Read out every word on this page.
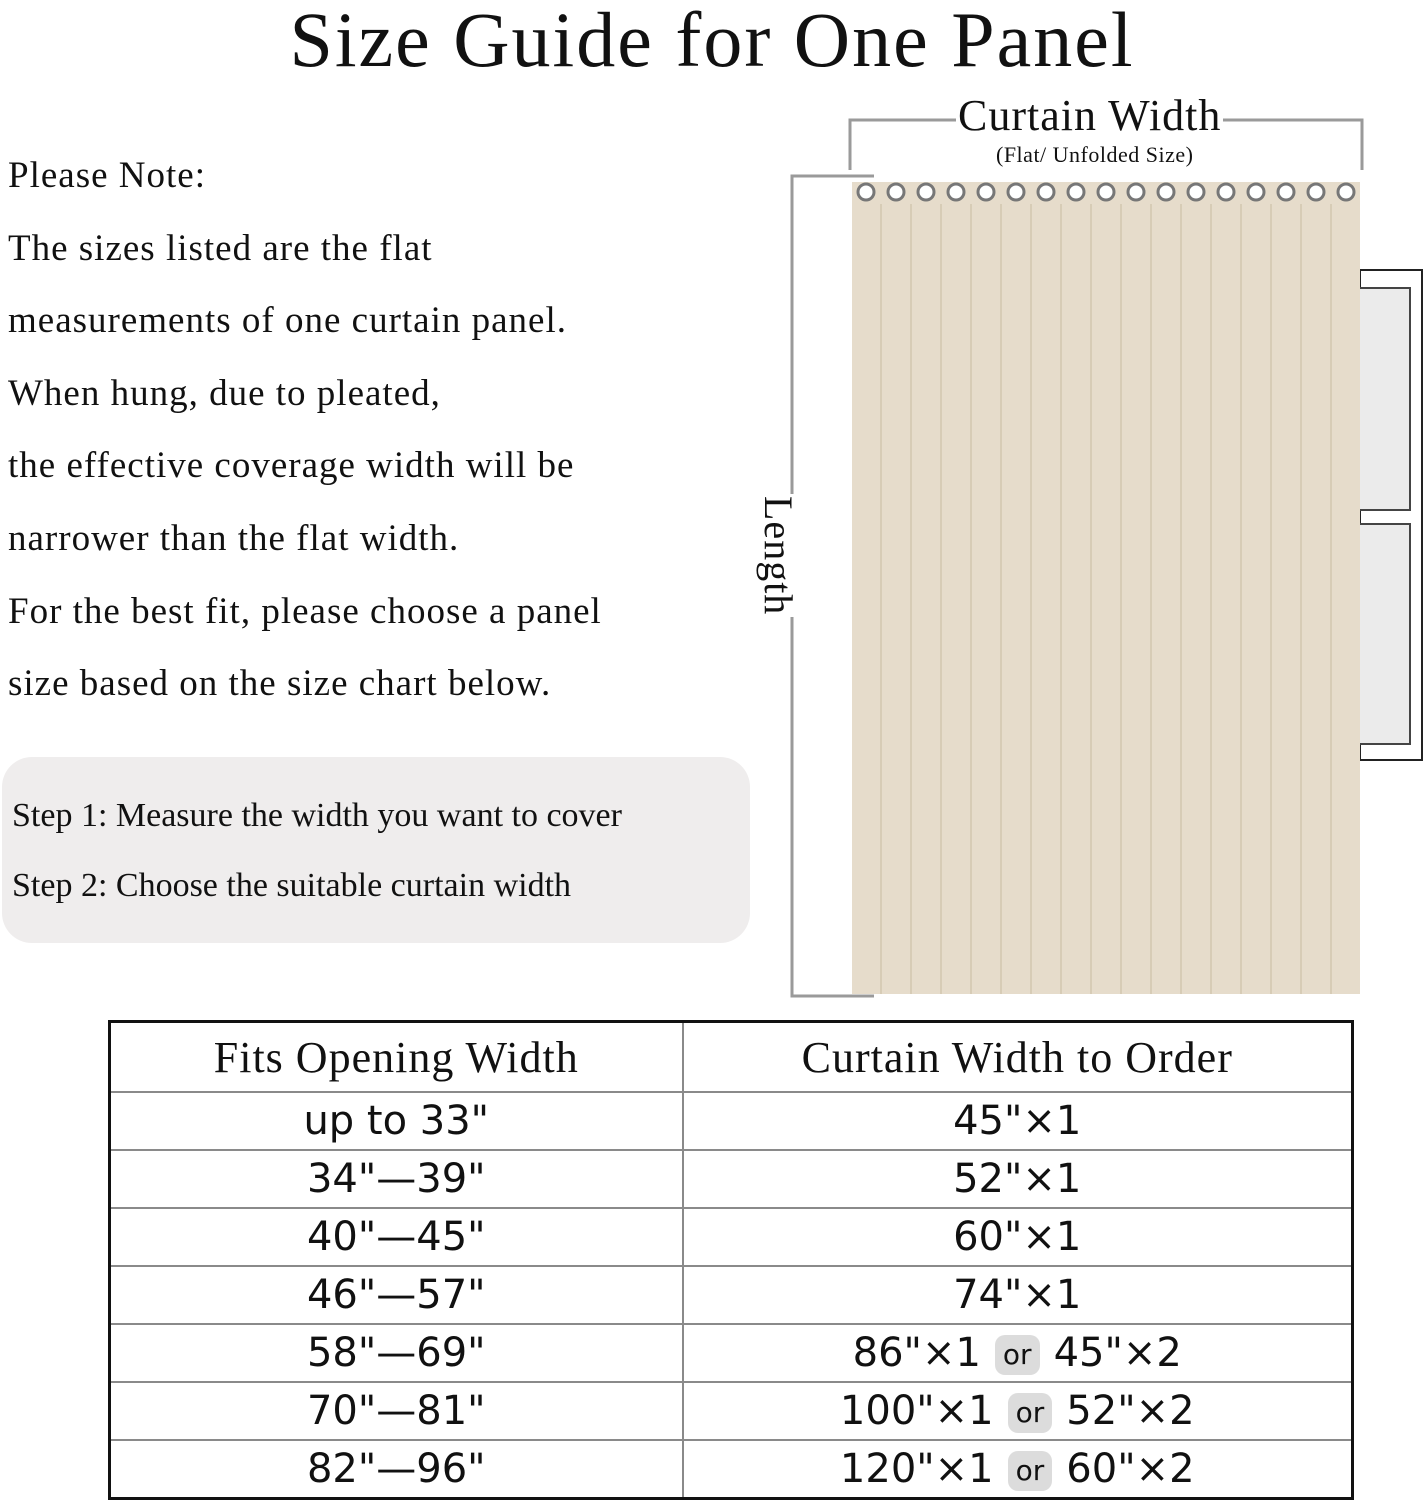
Size Guide for One Panel
Please Note:
The sizes listed are the flat
measurements of one curtain panel.
When hung, due to pleated,
the effective coverage width will be
narrower than the flat width.
For the best fit, please choose a panel
size based on the size chart below.
Step 1: Measure the width you want to cover
Step 2: Choose the suitable curtain width
Curtain Width
(Flat/ Unfolded Size)
Length
Fits Opening Width	Curtain Width to Order
up to 33"	45"×1
34"—39"	52"×1
40"—45"	60"×1
46"—57"	74"×1
58"—69"	86"×1 or 45"×2
70"—81"	100"×1 or 52"×2
82"—96"	120"×1 or 60"×2
